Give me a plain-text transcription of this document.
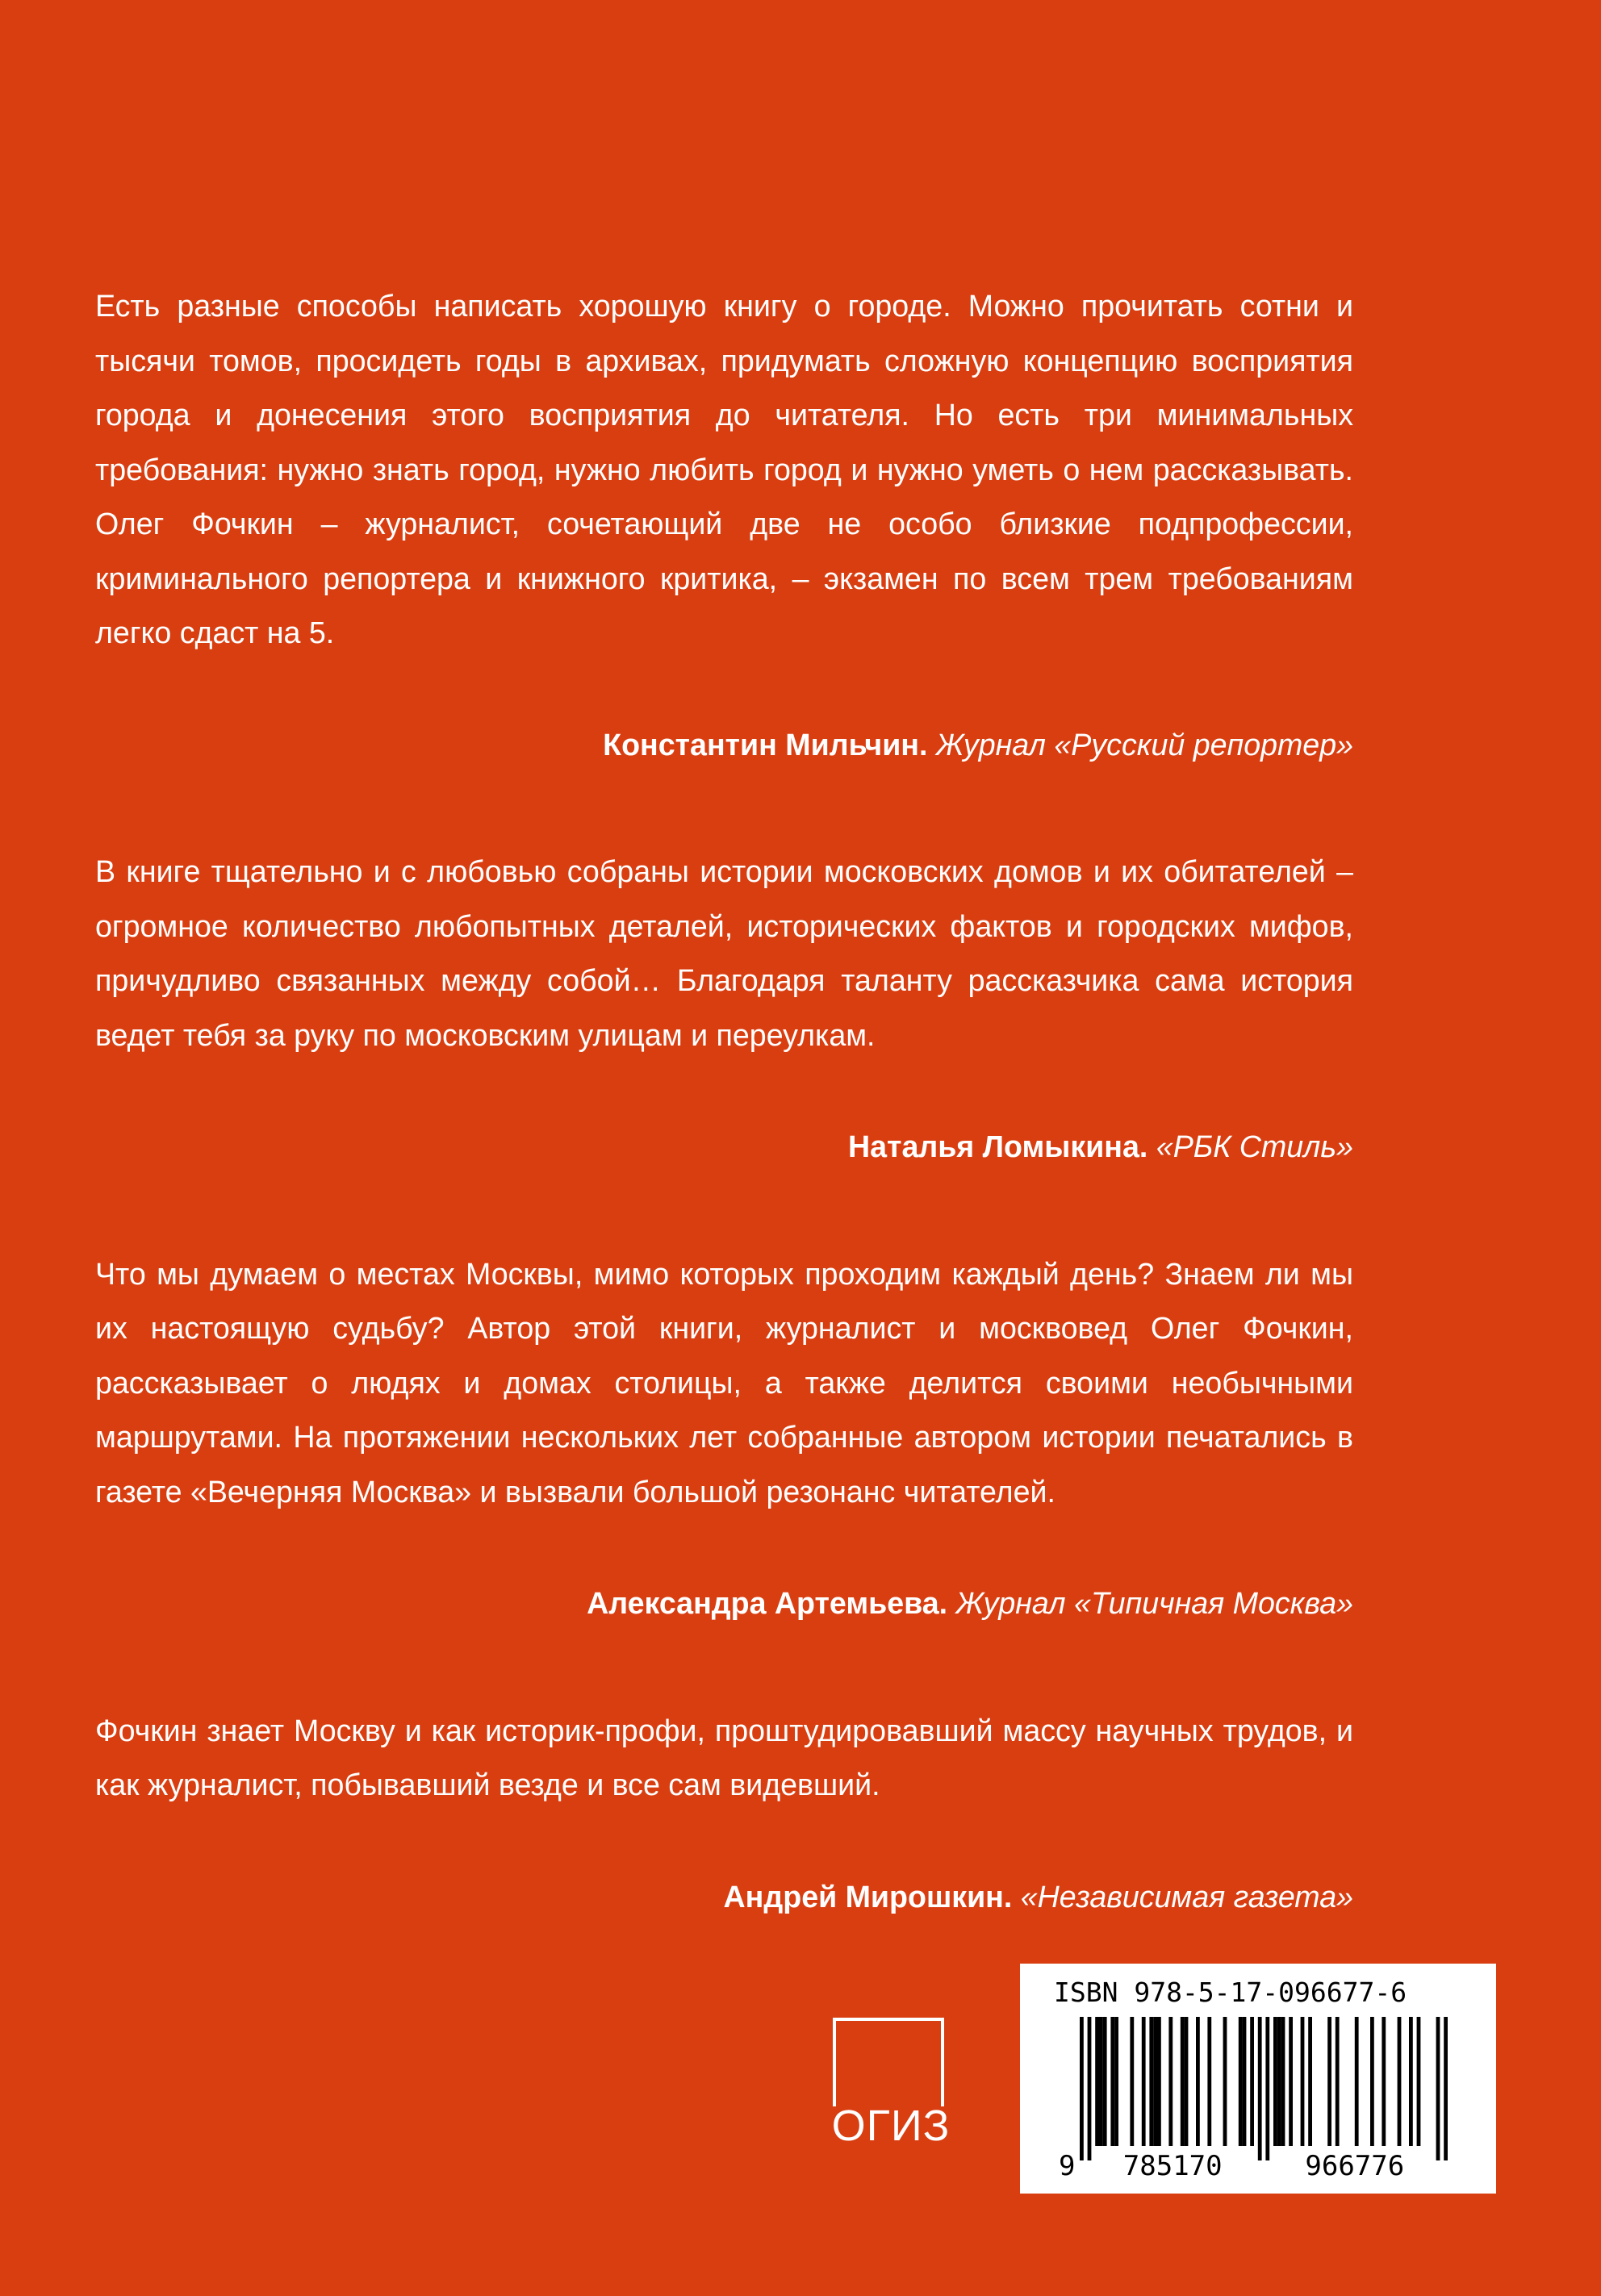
Есть разные способы написать хорошую книгу о городе. Можно прочитать сотни и тысячи томов, просидеть годы в архивах, придумать сложную концепцию восприятия города и донесения этого восприятия до читателя. Но есть три минимальных требования: нужно знать город, нужно любить город и нужно уметь о нем рассказывать. Олег Фочкин – журналист, сочетающий две не особо близкие подпрофессии, криминального репортера и книжного критика, – экзамен по всем трем требованиям легко сдаст на 5.

Константин Мильчин. Журнал «Русский репортер»

В книге тщательно и с любовью собраны истории московских домов и их обитателей – огромное количество любопытных деталей, исторических фактов и городских мифов, причудливо связанных между собой… Благодаря таланту рассказчика сама история ведет тебя за руку по московским улицам и переулкам.

Наталья Ломыкина. «РБК Стиль»

Что мы думаем о местах Москвы, мимо которых проходим каждый день? Знаем ли мы их настоящую судьбу? Автор этой книги, журналист и москвовед Олег Фочкин, рассказывает о людях и домах столицы, а также делится своими необычными маршрутами. На протяжении нескольких лет собранные автором истории печатались в газете «Вечерняя Москва» и вызвали большой резонанс читателей.

Александра Артемьева. Журнал «Типичная Москва»

Фочкин знает Москву и как историк-профи, проштудировавший массу научных трудов, и как журналист, побывавший везде и все сам видевший.

Андрей Мирошкин. «Независимая газета»

ОГИЗ
ISBN 978-5-17-096677-6
9 785170	966776
